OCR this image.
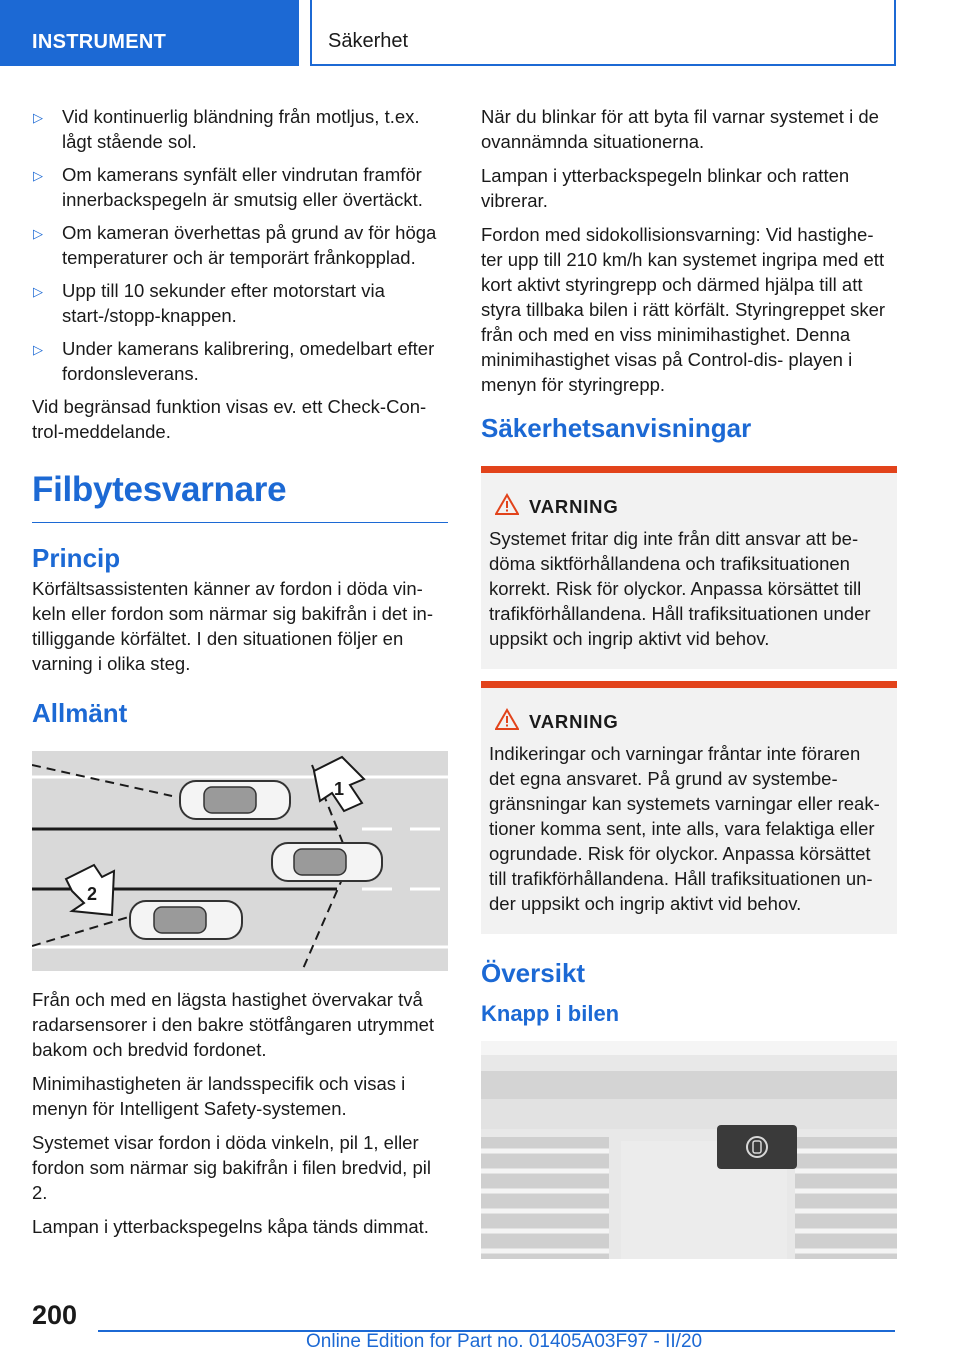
INSTRUMENT	Säkerhet
▷ Vid kontinuerlig bländning från motljus, t.ex. lågt stående sol.
▷ Om kamerans synfält eller vindrutan framför innerbackspegeln är smutsig eller övertäckt.
▷ Om kameran överhettas på grund av för höga temperaturer och är temporärt frånkopplad.
▷ Upp till 10 sekunder efter motorstart via start-/stopp-knappen.
▷ Under kamerans kalibrering, omedelbart efter fordonsleverans.

Vid begränsad funktion visas ev. ett Check-Con- trol-meddelande.

Filbytesvarnare
Princip

Körfältsassistenten känner av fordon i döda vin- keln eller fordon som närmar sig bakifrån i det in- tilliggande körfältet. I den situationen följer en varning i olika steg.

Allmänt
1
2

Från och med en lägsta hastighet övervakar två radarsensorer i den bakre stötfångaren utrymmet bakom och bredvid fordonet.

Minimihastigheten är landsspecifik och visas i menyn för Intelligent Safety-systemen.

Systemet visar fordon i döda vinkeln, pil 1, eller fordon som närmar sig bakifrån i filen bredvid, pil 2.

Lampan i ytterbackspegelns kåpa tänds dimmat.

När du blinkar för att byta fil varnar systemet i de ovannämnda situationerna.

Lampan i ytterbackspegeln blinkar och ratten vibrerar.

Fordon med sidokollisionsvarning: Vid hastighe- ter upp till 210 km/h kan systemet ingripa med ett kort aktivt styringrepp och därmed hjälpa till att styra tillbaka bilen i rätt körfält. Styringreppet sker från och med en viss minimihastighet. Denna minimihastighet visas på Control-dis- playen i menyn för styringrepp.

Säkerhetsanvisningar
VARNING

Systemet fritar dig inte från ditt ansvar att be- döma siktförhållandena och trafiksituationen korrekt. Risk för olyckor. Anpassa körsättet till trafikförhållandena. Håll trafiksituationen under uppsikt och ingrip aktivt vid behov.

VARNING

Indikeringar och varningar fråntar inte föraren det egna ansvaret. På grund av systembe- gränsningar kan systemets varningar eller reak- tioner komma sent, inte alls, vara felaktiga eller ogrundade. Risk för olyckor. Anpassa körsättet till trafikförhållandena. Håll trafiksituationen un- der uppsikt och ingrip aktivt vid behov.

Översikt
Knapp i bilen
200
Online Edition for Part no. 01405A03F97 - II/20
